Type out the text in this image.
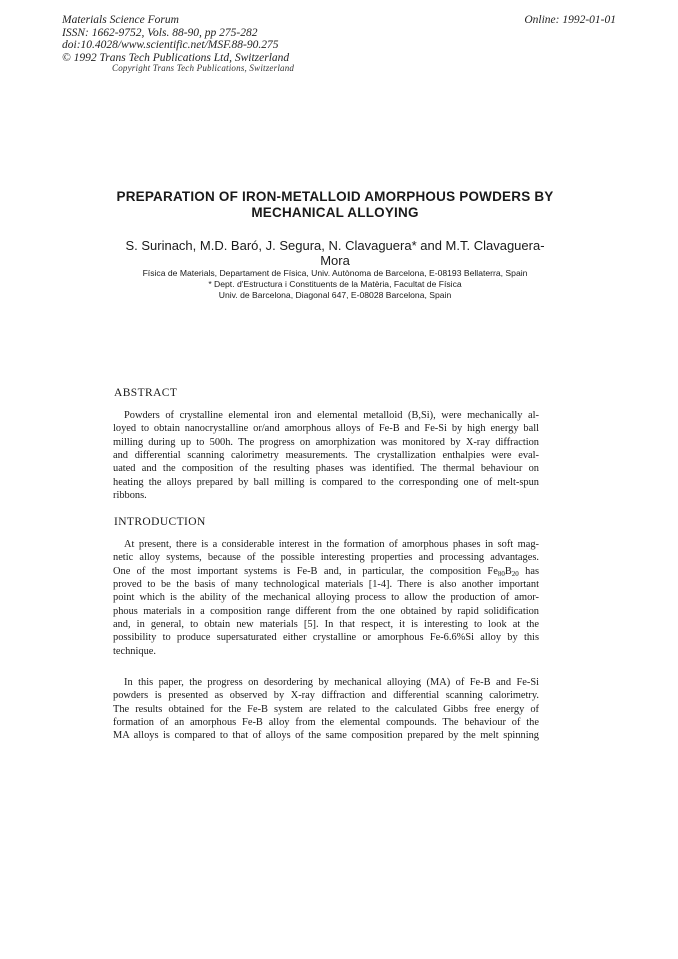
Materials Science Forum
ISSN: 1662-9752, Vols. 88-90, pp 275-282
doi:10.4028/www.scientific.net/MSF.88-90.275
© 1992 Trans Tech Publications Ltd, Switzerland
Online: 1992-01-01
Copyright Trans Tech Publications, Switzerland
PREPARATION OF IRON-METALLOID AMORPHOUS POWDERS BY
MECHANICAL ALLOYING
S. Surinach, M.D. Baró, J. Segura, N. Clavaguera* and M.T. Clavaguera-
Mora
Física de Materials, Departament de Física, Univ. Autònoma de Barcelona, E-08193 Bellaterra, Spain
* Dept. d'Estructura i Constituents de la Matèria, Facultat de Física
Univ. de Barcelona, Diagonal 647, E-08028 Barcelona, Spain
ABSTRACT
Powders of crystalline elemental iron and elemental metalloid (B,Si), were mechanically al-
loyed to obtain nanocrystalline or/and amorphous alloys of Fe-B and Fe-Si by high energy ball
milling during up to 500h. The progress on amorphization was monitored by X-ray diffraction
and differential scanning calorimetry measurements. The crystallization enthalpies were eval-
uated and the composition of the resulting phases was identified. The thermal behaviour on
heating the alloys prepared by ball milling is compared to the corresponding one of melt-spun
ribbons.
INTRODUCTION
At present, there is a considerable interest in the formation of amorphous phases in soft mag-
netic alloy systems, because of the possible interesting properties and processing advantages.
One of the most important systems is Fe-B and, in particular, the composition $Fe_{80}B_{20}$ has
proved to be the basis of many technological materials [1-4]. There is also another important
point which is the ability of the mechanical alloying process to allow the production of amor-
phous materials in a composition range different from the one obtained by rapid solidification
and, in general, to obtain new materials [5]. In that respect, it is interesting to look at the
possibility to produce supersaturated either crystalline or amorphous Fe-6.6%Si alloy by this
technique.
In this paper, the progress on desordering by mechanical alloying (MA) of Fe-B and Fe-Si
powders is presented as observed by X-ray diffraction and differential scanning calorimetry.
The results obtained for the Fe-B system are related to the calculated Gibbs free energy of
formation of an amorphous Fe-B alloy from the elemental compounds. The behaviour of the
MA alloys is compared to that of alloys of the same composition prepared by the melt spinning
